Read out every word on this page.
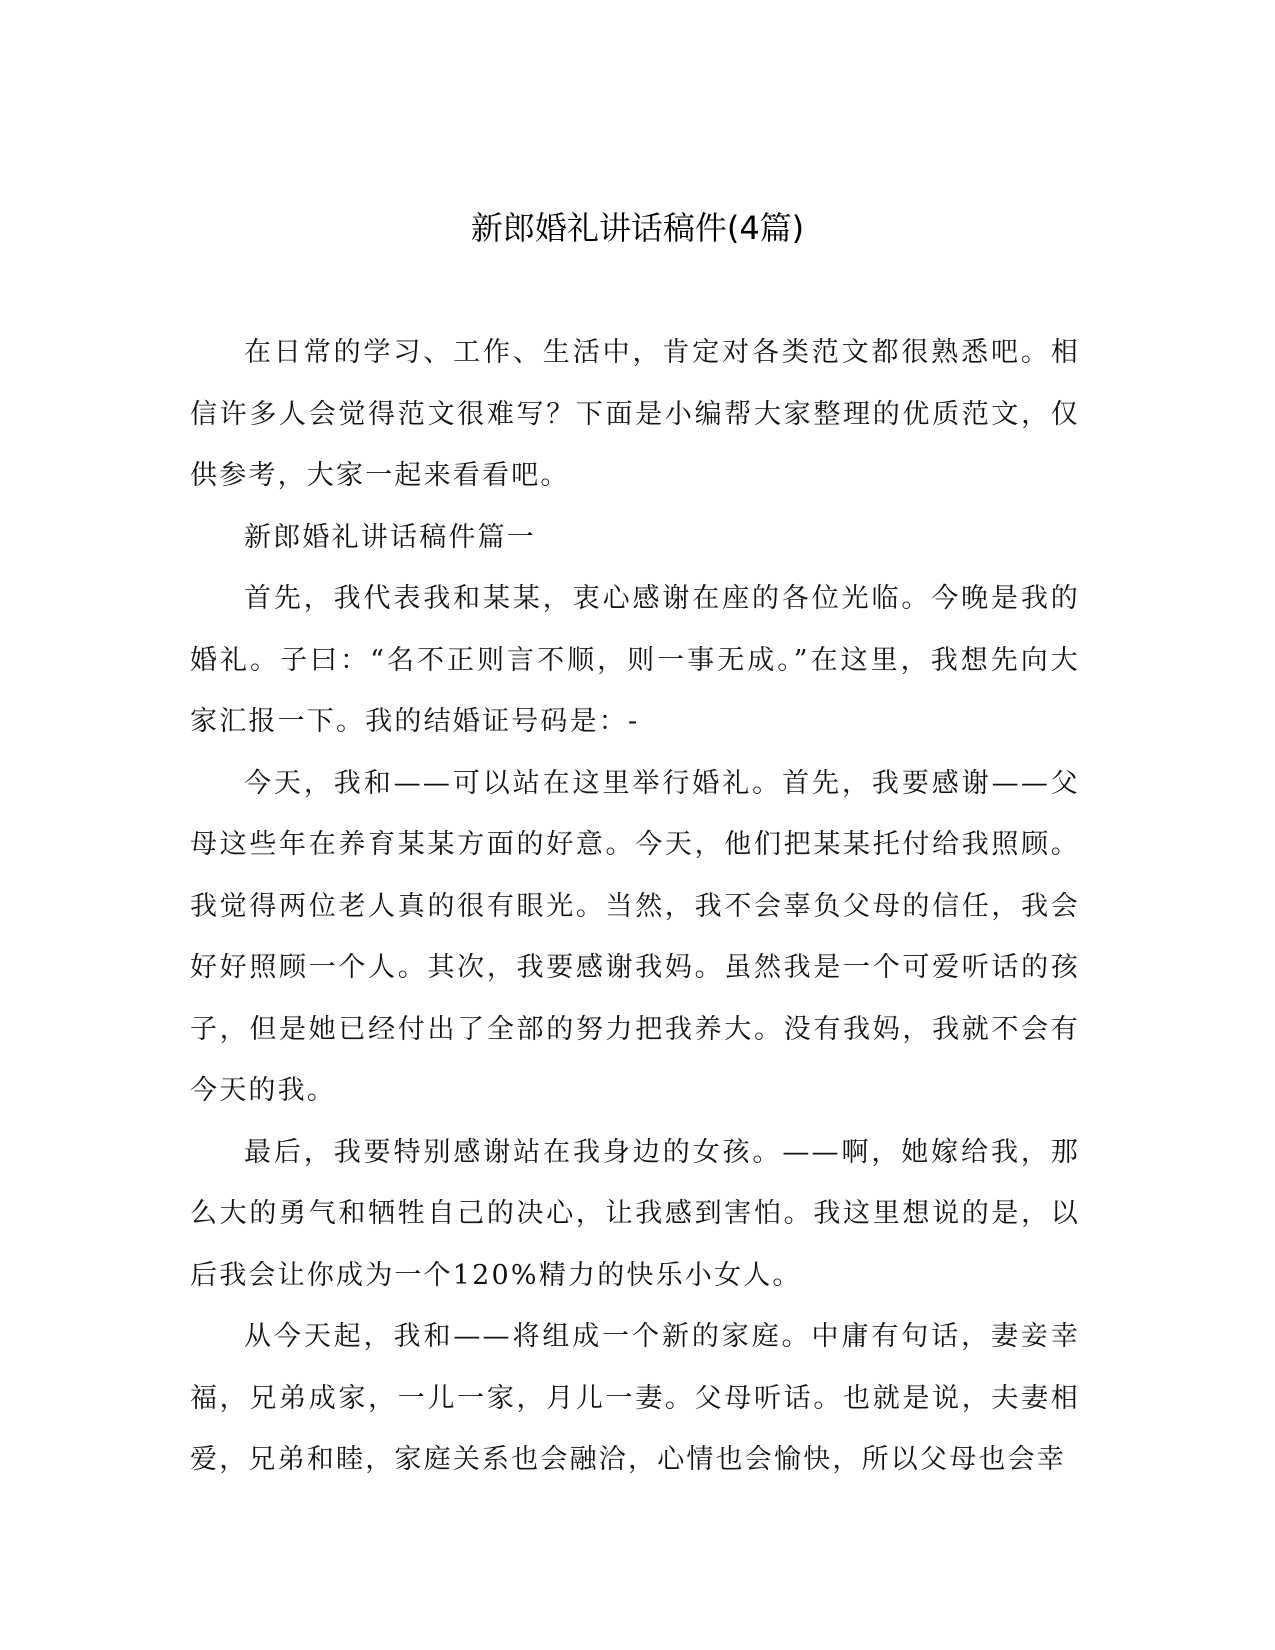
新郎婚礼讲话稿件(4篇)

在日常的学习、工作、生活中，肯定对各类范文都很熟悉吧。相信许多人会觉得范文很难写？下面是小编帮大家整理的优质范文，仅供参考，大家一起来看看吧。

新郎婚礼讲话稿件篇一

首先，我代表我和某某，衷心感谢在座的各位光临。今晚是我的婚礼。子曰：“名不正则言不顺，则一事无成。”在这里，我想先向大家汇报一下。我的结婚证号码是：-

今天，我和——可以站在这里举行婚礼。首先，我要感谢——父母这些年在养育某某方面的好意。今天，他们把某某托付给我照顾。我觉得两位老人真的很有眼光。当然，我不会辜负父母的信任，我会好好照顾一个人。其次，我要感谢我妈。虽然我是一个可爱听话的孩子，但是她已经付出了全部的努力把我养大。没有我妈，我就不会有今天的我。

最后，我要特别感谢站在我身边的女孩。——啊，她嫁给我，那么大的勇气和牺牲自己的决心，让我感到害怕。我这里想说的是，以后我会让你成为一个120%精力的快乐小女人。

从今天起，我和——将组成一个新的家庭。中庸有句话，妻妾幸福，兄弟成家，一儿一家，月儿一妻。父母听话。也就是说，夫妻相爱，兄弟和睦，家庭关系也会融洽，心情也会愉快，所以父母也会幸
